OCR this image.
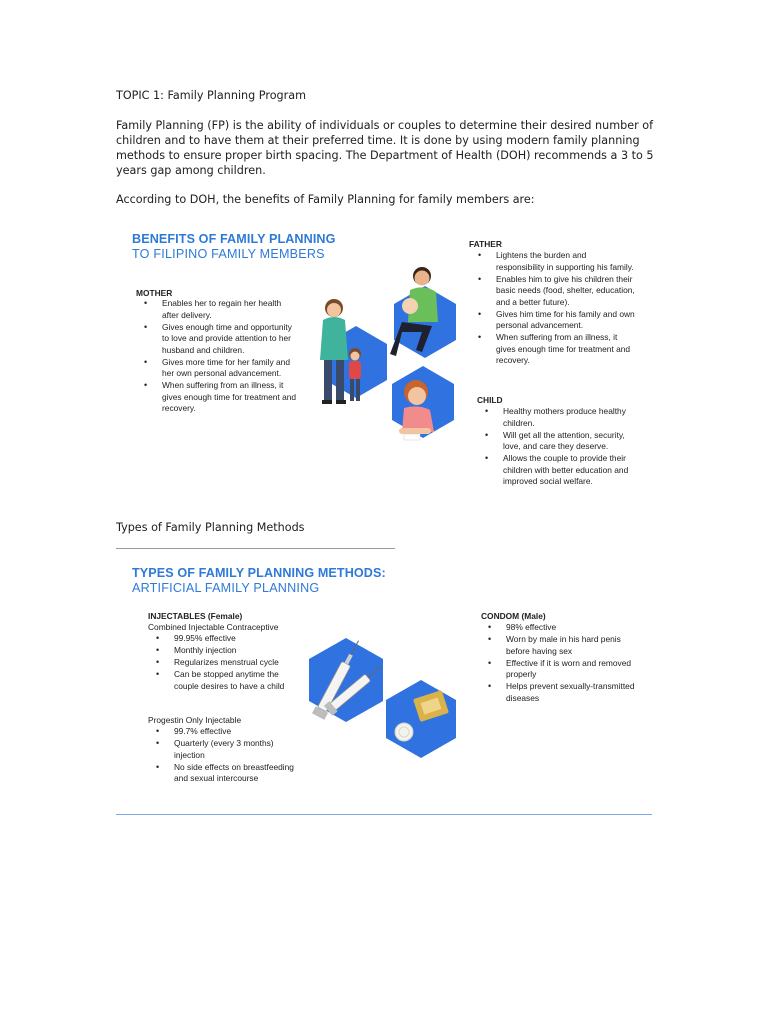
TOPIC 1: Family Planning Program
Family Planning (FP) is the ability of individuals or couples to determine their desired number of children and to have them at their preferred time. It is done by using modern family planning methods to ensure proper birth spacing. The Department of Health (DOH) recommends a 3 to 5 years gap among children.
According to DOH, the benefits of Family Planning for family members are:
BENEFITS OF FAMILY PLANNING
TO FILIPINO FAMILY MEMBERS
MOTHER
• Enables her to regain her health after delivery.
• Gives enough time and opportunity to love and provide attention to her husband and children.
• Gives more time for her family and her own personal advancement.
• When suffering from an illness, it gives enough time for treatment and recovery.
FATHER
• Lightens the burden and responsibility in supporting his family.
• Enables him to give his children their basic needs (food, shelter, education, and a better future).
• Gives him time for his family and own personal advancement.
• When suffering from an illness, it gives enough time for treatment and recovery.
CHILD
• Healthy mothers produce healthy children.
• Will get all the attention, security, love, and care they deserve.
• Allows the couple to provide their children with better education and improved social welfare.
Types of Family Planning Methods
TYPES OF FAMILY PLANNING METHODS:
ARTIFICIAL FAMILY PLANNING
INJECTABLES (Female)
Combined Injectable Contraceptive
• 99.95% effective
• Monthly injection
• Regularizes menstrual cycle
• Can be stopped anytime the couple desires to have a child
Progestin Only Injectable
• 99.7% effective
• Quarterly (every 3 months) injection
• No side effects on breastfeeding and sexual intercourse
CONDOM (Male)
• 98% effective
• Worn by male in his hard penis before having sex
• Effective if it is worn and removed properly
• Helps prevent sexually-transmitted diseases
